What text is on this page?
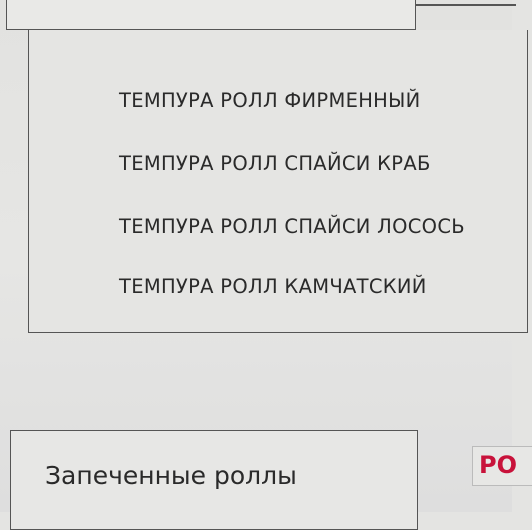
ТЕМПУРА РОЛЛ ФИРМЕННЫЙ
ТЕМПУРА РОЛЛ СПАЙСИ КРАБ
ТЕМПУРА РОЛЛ СПАЙСИ ЛОСОСЬ
ТЕМПУРА РОЛЛ КАМЧАТСКИЙ
Запеченные роллы	РО
